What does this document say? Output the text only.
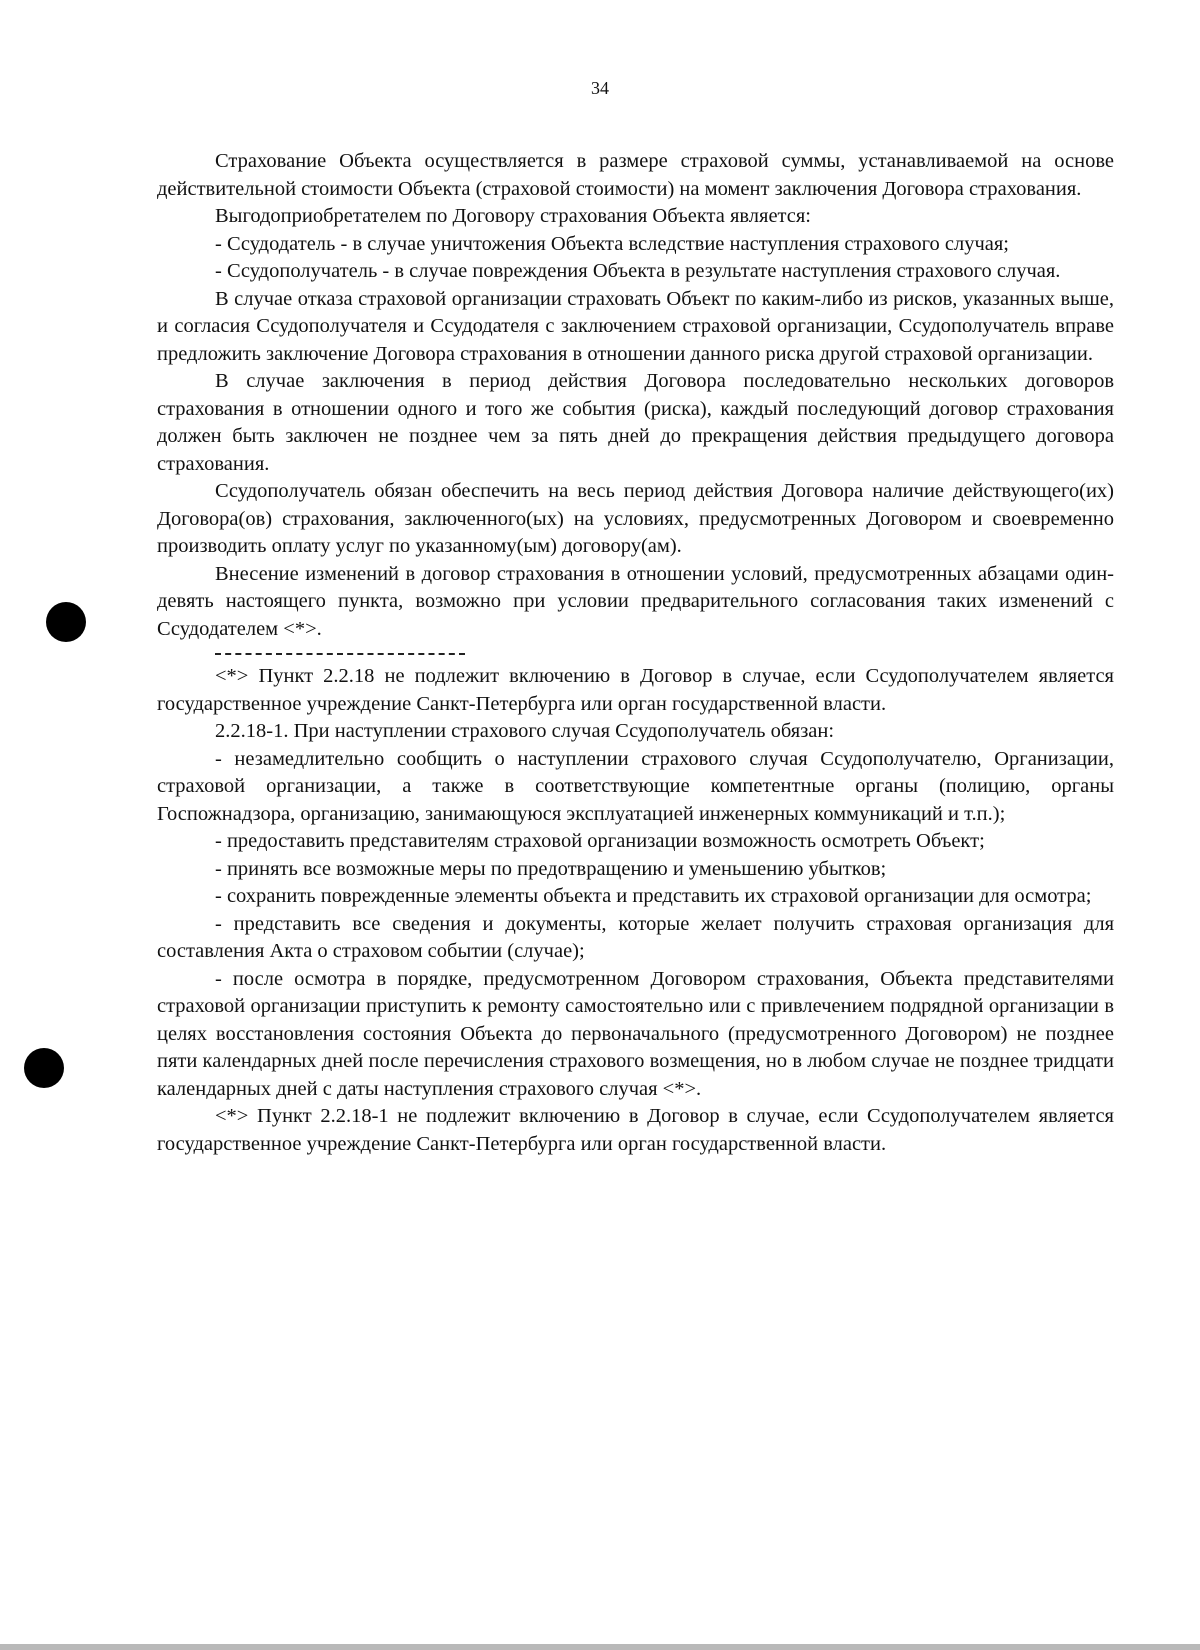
34

Страхование Объекта осуществляется в размере страховой суммы, устанавливаемой на основе действительной стоимости Объекта (страховой стоимости) на момент заключения Договора страхования.

Выгодоприобретателем по Договору страхования Объекта является:

- Ссудодатель - в случае уничтожения Объекта вследствие наступления страхового случая;

- Ссудополучатель - в случае повреждения Объекта в результате наступления страхового случая.

В случае отказа страховой организации страховать Объект по каким-либо из рисков, указанных выше, и согласия Ссудополучателя и Ссудодателя с заключением страховой организации, Ссудополучатель вправе предложить заключение Договора страхования в отношении данного риска другой страховой организации.

В случае заключения в период действия Договора последовательно нескольких договоров страхования в отношении одного и того же события (риска), каждый последующий договор страхования должен быть заключен не позднее чем за пять дней до прекращения действия предыдущего договора страхования.

Ссудополучатель обязан обеспечить на весь период действия Договора наличие действующего(их) Договора(ов) страхования, заключенного(ых) на условиях, предусмотренных Договором и своевременно производить оплату услуг по указанному(ым) договору(ам).

Внесение изменений в договор страхования в отношении условий, предусмотренных абзацами один-девять настоящего пункта, возможно при условии предварительного согласования таких изменений с Ссудодателем <*>.

<*> Пункт 2.2.18 не подлежит включению в Договор в случае, если Ссудополучателем является государственное учреждение Санкт-Петербурга или орган государственной власти.

2.2.18-1. При наступлении страхового случая Ссудополучатель обязан:

- незамедлительно сообщить о наступлении страхового случая Ссудополучателю, Организации, страховой организации, а также в соответствующие компетентные органы (полицию, органы Госпожнадзора, организацию, занимающуюся эксплуатацией инженерных коммуникаций и т.п.);

- предоставить представителям страховой организации возможность осмотреть Объект;

- принять все возможные меры по предотвращению и уменьшению убытков;

- сохранить поврежденные элементы объекта и представить их страховой организации для осмотра;

- представить все сведения и документы, которые желает получить страховая организация для составления Акта о страховом событии (случае);

- после осмотра в порядке, предусмотренном Договором страхования, Объекта представителями страховой организации приступить к ремонту самостоятельно или с привлечением подрядной организации в целях восстановления состояния Объекта до первоначального (предусмотренного Договором) не позднее пяти календарных дней после перечисления страхового возмещения, но в любом случае не позднее тридцати календарных дней с даты наступления страхового случая <*>.

<*> Пункт 2.2.18-1 не подлежит включению в Договор в случае, если Ссудополучателем является государственное учреждение Санкт-Петербурга или орган государственной власти.
